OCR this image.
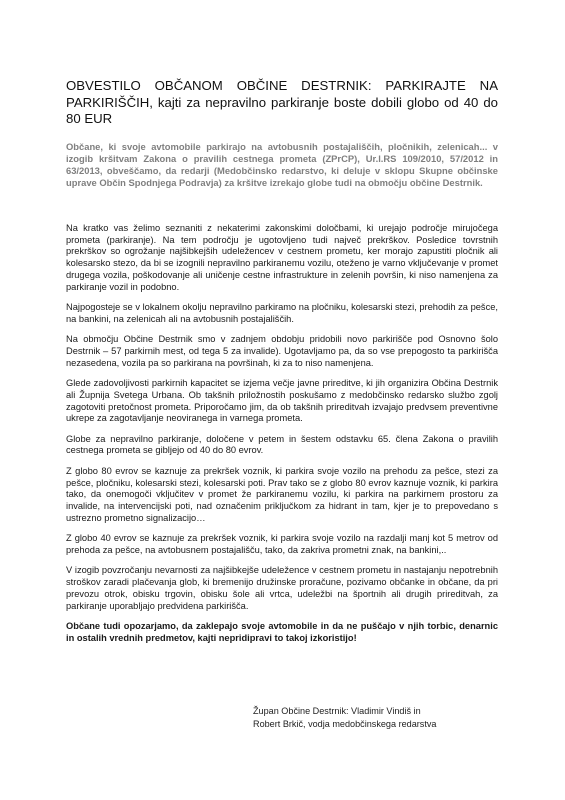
OBVESTILO OBČANOM OBČINE DESTRNIK: PARKIRAJTE NA PARKIRIŠČIH, kajti za nepravilno parkiranje boste dobili globo od 40 do 80 EUR

Občane, ki svoje avtomobile parkirajo na avtobusnih postajališčih, pločnikih, zelenicah... v izogib kršitvam Zakona o pravilih cestnega prometa (ZPrCP), Ur.l.RS 109/2010, 57/2012 in 63/2013, obveščamo, da redarji (Medobčinsko redarstvo, ki deluje v sklopu Skupne občinske uprave Občin Spodnjega Podravja) za kršitve izrekajo globe tudi na območju občine Destrnik.

Na kratko vas želimo seznaniti z nekaterimi zakonskimi določbami, ki urejajo področje mirujočega prometa (parkiranje). Na tem področju je ugotovljeno tudi največ prekrškov. Posledice tovrstnih prekrškov so ogrožanje najšibkejših udeležencev v cestnem prometu, ker morajo zapustiti pločnik ali kolesarsko stezo, da bi se izognili nepravilno parkiranemu vozilu, oteženo je varno vključevanje v promet drugega vozila, poškodovanje ali uničenje cestne infrastrukture in zelenih površin, ki niso namenjena za parkiranje vozil in podobno.

Najpogosteje se v lokalnem okolju nepravilno parkiramo na pločniku, kolesarski stezi, prehodih za pešce, na bankini, na zelenicah ali na avtobusnih postajališčih.

Na območju Občine Destrnik smo v zadnjem obdobju pridobili novo parkirišče pod Osnovno šolo Destrnik – 57 parkirnih mest, od tega 5 za invalide). Ugotavljamo pa, da so vse prepogosto ta parkirišča nezasedena, vozila pa so parkirana na površinah, ki za to niso namenjena.

Glede zadovoljivosti parkirnih kapacitet se izjema večje javne prireditve, ki jih organizira Občina Destrnik ali Župnija Svetega Urbana. Ob takšnih priložnostih poskušamo z medobčinsko redarsko službo zgolj zagotoviti pretočnost prometa. Priporočamo jim, da ob takšnih prireditvah izvajajo predvsem preventivne ukrepe za zagotavljanje neoviranega in varnega prometa.

Globe za nepravilno parkiranje, določene v petem in šestem odstavku 65. člena Zakona o pravilih cestnega prometa se gibljejo od 40 do 80 evrov.

Z globo 80 evrov se kaznuje za prekršek voznik, ki parkira svoje vozilo na prehodu za pešce, stezi za pešce, pločniku, kolesarski stezi, kolesarski poti. Prav tako se z globo 80 evrov kaznuje voznik, ki parkira tako, da onemogoči vključitev v promet že parkiranemu vozilu, ki parkira na parkirnem prostoru za invalide, na intervencijski poti, nad označenim priključkom za hidrant in tam, kjer je to prepovedano s ustrezno prometno signalizacijo…

Z globo 40 evrov se kaznuje za prekršek voznik, ki parkira svoje vozilo na razdalji manj kot 5 metrov od prehoda za pešce, na avtobusnem postajališču, tako, da zakriva prometni znak, na bankini,..

V izogib povzročanju nevarnosti za najšibkejše udeležence v cestnem prometu in nastajanju nepotrebnih stroškov zaradi plačevanja glob, ki bremenijo družinske proračune, pozivamo občanke in občane, da pri prevozu otrok, obisku trgovin, obisku šole ali vrtca, udeležbi na športnih ali drugih prireditvah, za parkiranje uporabljajo predvidena parkirišča.

Občane tudi opozarjamo, da zaklepajo svoje avtomobile in da ne puščajo v njih torbic, denarnic in ostalih vrednih predmetov, kajti nepridipravi to takoj izkoristijo!

Župan Občine Destrnik: Vladimir Vindiš in
Robert Brkič, vodja medobčinskega redarstva
